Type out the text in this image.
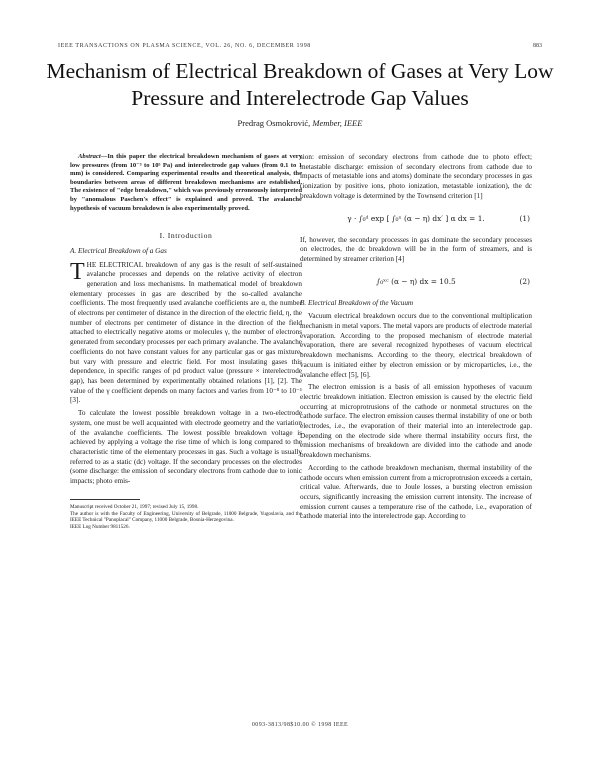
IEEE TRANSACTIONS ON PLASMA SCIENCE, VOL. 26, NO. 6, DECEMBER 1998	883
Mechanism of Electrical Breakdown of Gases at Very Low Pressure and Interelectrode Gap Values
Predrag Osmokrović, Member, IEEE

Abstract—In this paper the electrical breakdown mechanism of gases at very low pressures (from 10⁻³ to 10⁵ Pa) and interelectrode gap values (from 0.1 to 1 mm) is considered. Comparing experimental results and theoretical analysis, the boundaries between areas of different breakdown mechanisms are established. The existence of "edge breakdown," which was previously erroneously interpreted by "anomalous Paschen's effect" is explained and proved. The avalanche hypothesis of vacuum breakdown is also experimentally proved.

I. Introduction
A. Electrical Breakdown of a Gas

THE ELECTRICAL breakdown of any gas is the result of self-sustained avalanche processes and depends on the relative activity of electron generation and loss mechanisms. In mathematical model of breakdown elementary processes in gas are described by the so-called avalanche coefficients. The most frequently used avalanche coefficients are α, the number of electrons per centimeter of distance in the direction of the electric field, η, the number of electrons per centimeter of distance in the direction of the field attached to electrically negative atoms or molecules γ, the number of electrons generated from secondary processes per each primary avalanche. The avalanche coefficients do not have constant values for any particular gas or gas mixture, but vary with pressure and electric field. For most insulating gases this dependence, in specific ranges of pd product value (pressure × interelectrode gap), has been determined by experimentally obtained relations [1], [2]. The value of the γ coefficient depends on many factors and varies from 10⁻⁸ to 10⁻¹ [3].

To calculate the lowest possible breakdown voltage in a two-electrode system, one must be well acquainted with electrode geometry and the variation of the avalanche coefficients. The lowest possible breakdown voltage is achieved by applying a voltage the rise time of which is long compared to the characteristic time of the elementary processes in gas. Such a voltage is usually referred to as a static (dc) voltage. If the secondary processes on the electrodes (some discharge: the emission of secondary electrons from cathode due to ionic impacts; photo emis-

Manuscript received October 21, 1997; revised July 15, 1998.

The author is with the Faculty of Engineering, University of Belgrade, 11000 Belgrade, Yugoslavia, and the IEEE Technical "Panoplacal" Company, 11000 Belgrade, Bosnia-Herzegovina.

IEEE Log Number 9811526.

sion: emission of secondary electrons from cathode due to photo effect; metastable discharge: emission of secondary electrons from cathode due to impacts of metastable ions and atoms) dominate the secondary processes in gas (ionization by positive ions, photo ionization, metastable ionization), the dc breakdown voltage is determined by the Townsend criterion [1]

γ · ∫₀ᵈ exp [ ∫₀ˣ (α − η) dx′ ] α dx = 1.	(1)

If, however, the secondary processes in gas dominate the secondary processes on electrodes, the dc breakdown will be in the form of streamers, and is determined by streamer criterion [4]

∫₀ˣᶜ (α − η) dx = 10.5	(2)
B. Electrical Breakdown of the Vacuum

Vacuum electrical breakdown occurs due to the conventional multiplication mechanism in metal vapors. The metal vapors are products of electrode material evaporation. According to the proposed mechanism of electrode material evaporation, there are several recognized hypotheses of vacuum electrical breakdown mechanisms. According to the theory, electrical breakdown of vacuum is initiated either by electron emission or by microparticles, i.e., the avalanche effect [5], [6].

The electron emission is a basis of all emission hypotheses of vacuum electric breakdown initiation. Electron emission is caused by the electric field occurring at microprotrusions of the cathode or nonmetal structures on the cathode surface. The electron emission causes thermal instability of one or both electrodes, i.e., the evaporation of their material into an interelectrode gap. Depending on the electrode side where thermal instability occurs first, the emission mechanisms of breakdown are divided into the cathode and anode breakdown mechanisms.

According to the cathode breakdown mechanism, thermal instability of the cathode occurs when emission current from a microprotrusion exceeds a certain, critical value. Afterwards, due to Joule losses, a bursting electron emission occurs, significantly increasing the emission current intensity. The increase of emission current causes a temperature rise of the cathode, i.e., evaporation of cathode material into the interelectrode gap. According to

0093-3813/98$10.00 © 1998 IEEE
